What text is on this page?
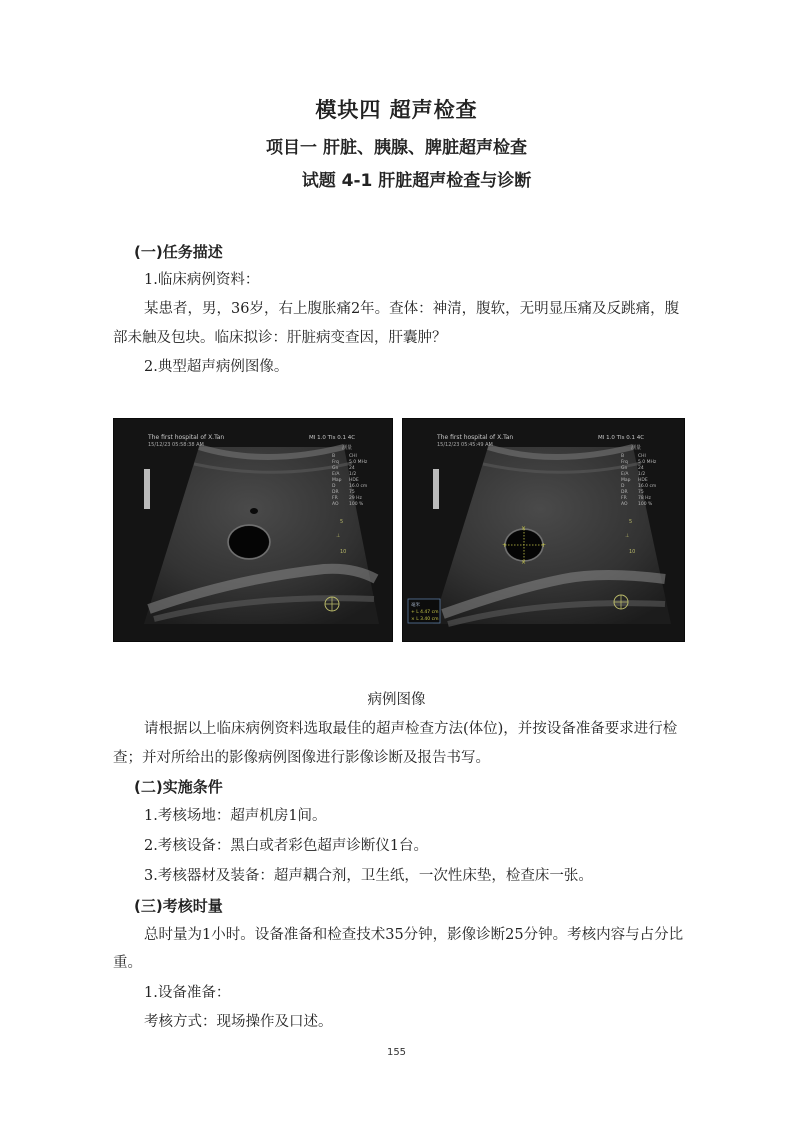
模块四 超声检查
项目一 肝脏、胰腺、脾脏超声检查
试题 4-1 肝脏超声检查与诊断
(一)任务描述
1.临床病例资料：
某患者，男，36岁，右上腹胀痛2年。查体：神清，腹软，无明显压痛及反跳痛，腹
部未触及包块。临床拟诊：肝脏病变查因，肝囊肿？
2.典型超声病例图像。
The first hospital of X.Tan
15/12/23 05:58:38 AM
MI 1.0 TIs 0.1 4C
测量
B
Frq
Gn
E/A
Map
D
DR
FR
AO
CHI
5.0 MHz
24
1/2
HDE
16.0 cm
75
29 Hz
100 %
5
10
⊥
+	+
×
×
The first hospital of X.Tan
15/12/23 05:45:49 AM
MI 1.0 TIs 0.1 4C
测量
B
Frq
Gn
E/A
Map
D
DR
FR
AO
CHI
5.0 MHz
24
1/2
HDE
16.0 cm
75
78 Hz
100 %
5
10
⊥
毫米
+ L 4.47 cm
× L 3.40 cm
病例图像
请根据以上临床病例资料选取最佳的超声检查方法(体位)，并按设备准备要求进行检
查；并对所给出的影像病例图像进行影像诊断及报告书写。
(二)实施条件
1.考核场地：超声机房1间。
2.考核设备：黑白或者彩色超声诊断仪1台。
3.考核器材及装备：超声耦合剂，卫生纸，一次性床垫，检查床一张。
(三)考核时量
总时量为1小时。设备准备和检查技术35分钟，影像诊断25分钟。考核内容与占分比
重。
1.设备准备：
考核方式：现场操作及口述。
155
